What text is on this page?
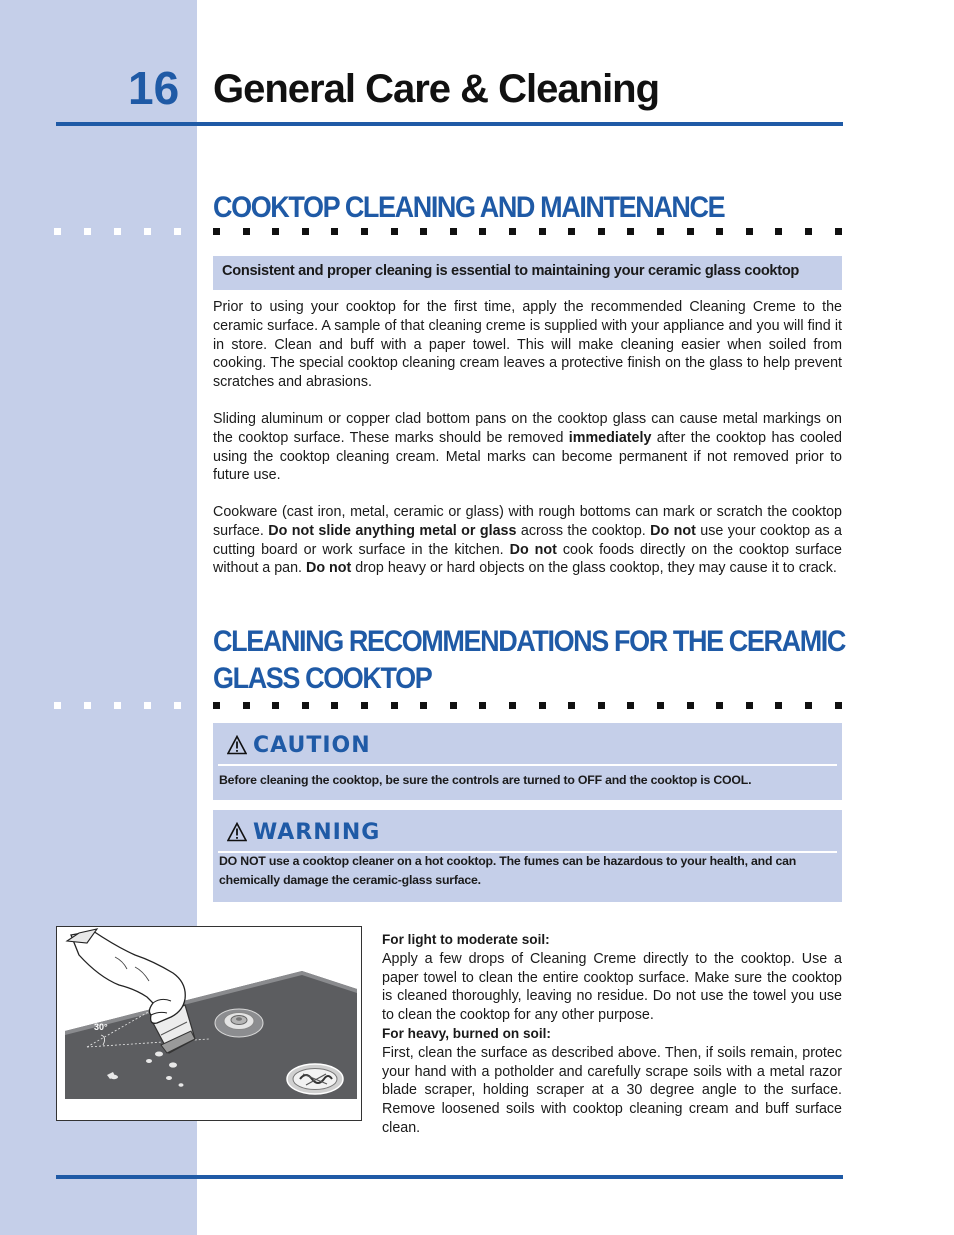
16 General Care & Cleaning
COOKTOP CLEANING AND MAINTENANCE
Consistent and proper cleaning is essential to maintaining your ceramic glass cooktop
Prior to using your cooktop for the first time, apply the recommended Cleaning Creme to the ceramic surface. A sample of that cleaning creme is supplied with your appliance and you will find it in store. Clean and buff with a paper towel. This will make cleaning easier when soiled from cooking. The special cooktop cleaning cream leaves a protective finish on the glass to help prevent scratches and abrasions.
Sliding aluminum or copper clad bottom pans on the cooktop glass can cause metal markings on the cooktop surface. These marks should be removed immediately after the cooktop has cooled using the cooktop cleaning cream. Metal marks can become permanent if not removed prior to future use.
Cookware (cast iron, metal, ceramic or glass) with rough bottoms can mark or scratch the cooktop surface. Do not slide anything metal or glass across the cooktop. Do not use your cooktop as a cutting board or work surface in the kitchen. Do not cook foods directly on the cooktop surface without a pan. Do not drop heavy or hard objects on the glass cooktop, they may cause it to crack.
CLEANING RECOMMENDATIONS FOR THE CERAMIC
GLASS COOKTOP
CAUTION
Before cleaning the cooktop, be sure the controls are turned to OFF and the cooktop is COOL.
WARNING
DO NOT use a cooktop cleaner on a hot cooktop. The fumes can be hazardous to your health, and can chemically damage the ceramic-glass surface.
30°
For light to moderate soil:
Apply a few drops of Cleaning Creme directly to the cooktop. Use a paper towel to clean the entire cooktop surface. Make sure the cooktop is cleaned thoroughly, leaving no residue. Do not use the towel you use to clean the cooktop for any other purpose.
For heavy, burned on soil:
First, clean the surface as described above. Then, if soils remain, protec your hand with a potholder and carefully scrape soils with a metal razor blade scraper, holding scraper at a 30 degree angle to the surface. Remove loosened soils with cooktop cleaning cream and buff surface clean.
